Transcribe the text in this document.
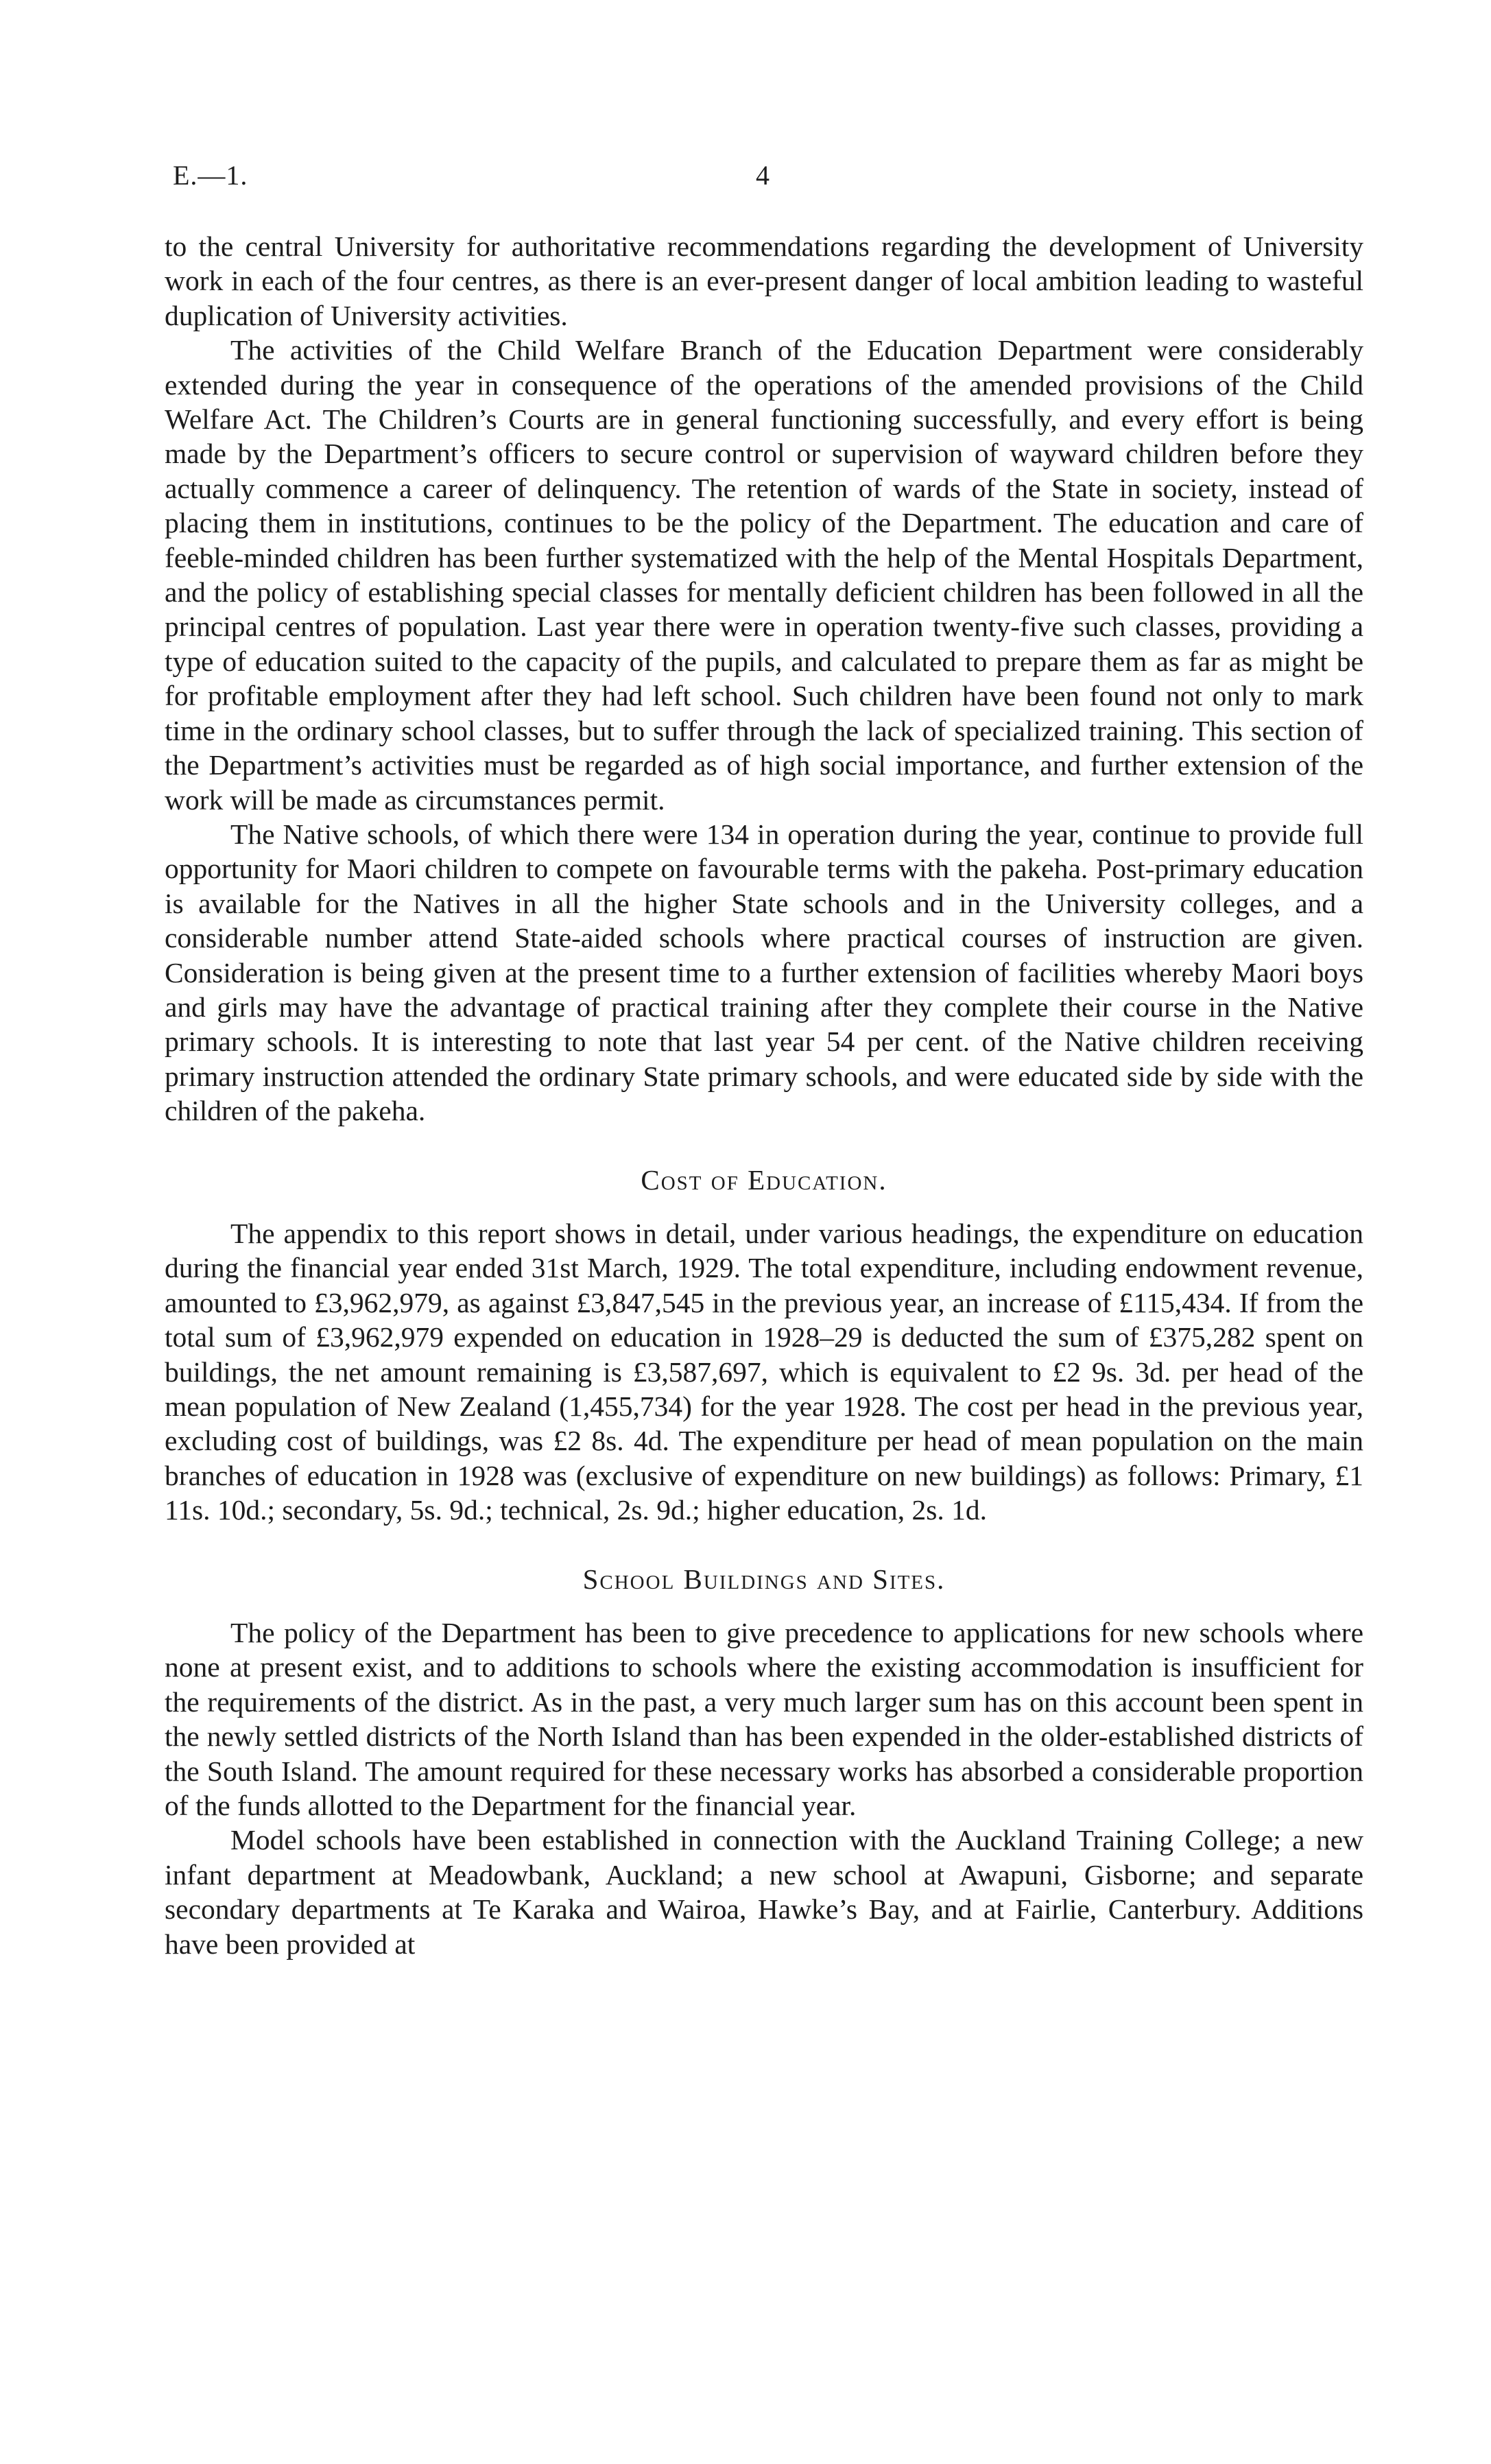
E.—1.	4

to the central University for authoritative recommendations regarding the development of University work in each of the four centres, as there is an ever-present danger of local ambition leading to wasteful duplication of University activities.

The activities of the Child Welfare Branch of the Education Department were considerably extended during the year in consequence of the operations of the amended provisions of the Child Welfare Act. The Children’s Courts are in general functioning successfully, and every effort is being made by the Department’s officers to secure control or supervision of wayward children before they actually commence a career of delinquency. The retention of wards of the State in society, instead of placing them in institutions, continues to be the policy of the Department. The education and care of feeble-minded children has been further systematized with the help of the Mental Hospitals Department, and the policy of establishing special classes for mentally deficient children has been followed in all the principal centres of population. Last year there were in operation twenty-five such classes, providing a type of education suited to the capacity of the pupils, and calculated to prepare them as far as might be for profitable employment after they had left school. Such children have been found not only to mark time in the ordinary school classes, but to suffer through the lack of specialized training. This section of the Department’s activities must be regarded as of high social importance, and further extension of the work will be made as circumstances permit.

The Native schools, of which there were 134 in operation during the year, continue to provide full opportunity for Maori children to compete on favourable terms with the pakeha. Post-primary education is available for the Natives in all the higher State schools and in the University colleges, and a considerable number attend State-aided schools where practical courses of instruction are given. Consideration is being given at the present time to a further extension of facilities whereby Maori boys and girls may have the advantage of practical training after they complete their course in the Native primary schools. It is interesting to note that last year 54 per cent. of the Native children receiving primary instruction attended the ordinary State primary schools, and were educated side by side with the children of the pakeha.

Cost of Education.

The appendix to this report shows in detail, under various headings, the expenditure on education during the financial year ended 31st March, 1929. The total expenditure, including endowment revenue, amounted to £3,962,979, as against £3,847,545 in the previous year, an increase of £115,434. If from the total sum of £3,962,979 expended on education in 1928–29 is deducted the sum of £375,282 spent on buildings, the net amount remaining is £3,587,697, which is equivalent to £2 9s. 3d. per head of the mean population of New Zealand (1,455,734) for the year 1928. The cost per head in the previous year, excluding cost of buildings, was £2 8s. 4d. The expenditure per head of mean population on the main branches of education in 1928 was (exclusive of expenditure on new buildings) as follows: Primary, £1 11s. 10d.; secondary, 5s. 9d.; technical, 2s. 9d.; higher education, 2s. 1d.

School Buildings and Sites.

The policy of the Department has been to give precedence to applications for new schools where none at present exist, and to additions to schools where the existing accommodation is insufficient for the requirements of the district. As in the past, a very much larger sum has on this account been spent in the newly settled districts of the North Island than has been expended in the older-established districts of the South Island. The amount required for these necessary works has absorbed a considerable proportion of the funds allotted to the Department for the financial year.

Model schools have been established in connection with the Auckland Training College; a new infant department at Meadowbank, Auckland; a new school at Awapuni, Gisborne; and separate secondary departments at Te Karaka and Wairoa, Hawke’s Bay, and at Fairlie, Canterbury. Additions have been provided at
